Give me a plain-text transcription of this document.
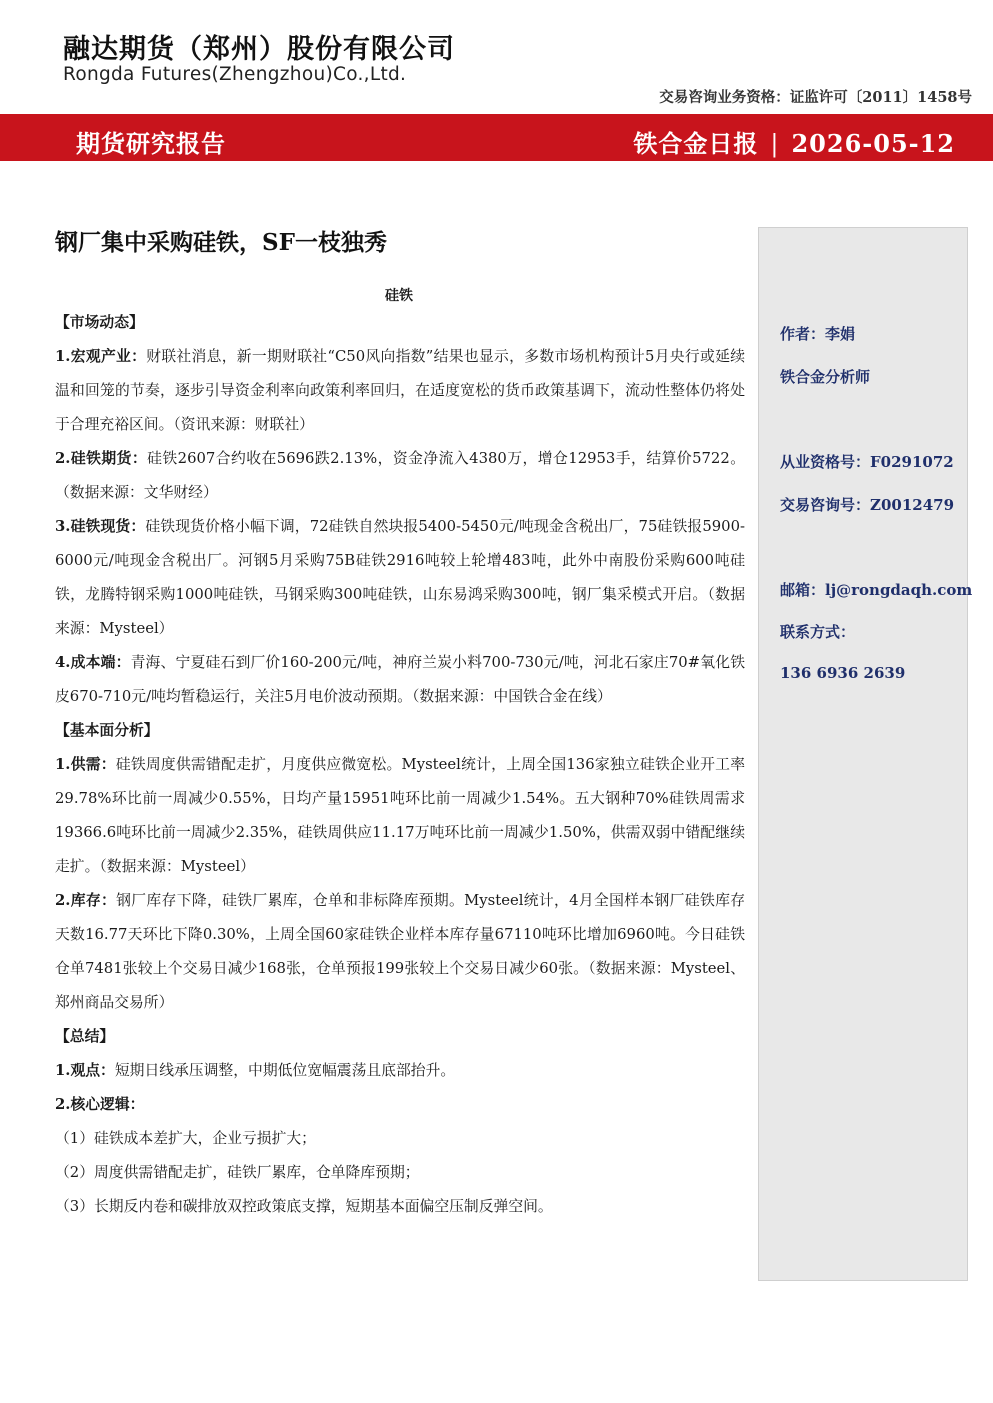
融达期货（郑州）股份有限公司
Rongda Futures(Zhengzhou)Co.,Ltd.
交易咨询业务资格：证监许可〔2011〕1458号
期货研究报告	铁合金日报 | 2026-05-12
钢厂集中采购硅铁，SF一枝独秀
硅铁

【市场动态】

1.宏观产业：财联社消息，新一期财联社“C50风向指数”结果也显示，多数市场机构预计5月央行或延续温和回笼的节奏，逐步引导资金利率向政策利率回归，在适度宽松的货币政策基调下，流动性整体仍将处于合理充裕区间。（资讯来源：财联社）

2.硅铁期货：硅铁2607合约收在5696跌2.13%，资金净流入4380万，增仓12953手，结算价5722。（数据来源：文华财经）

3.硅铁现货：硅铁现货价格小幅下调，72硅铁自然块报5400-5450元/吨现金含税出厂，75硅铁报5900-6000元/吨现金含税出厂。河钢5月采购75B硅铁2916吨较上轮增483吨，此外中南股份采购600吨硅铁，龙腾特钢采购1000吨硅铁，马钢采购300吨硅铁，山东易鸿采购300吨，钢厂集采模式开启。（数据来源：Mysteel）

4.成本端：青海、宁夏硅石到厂价160-200元/吨，神府兰炭小料700-730元/吨，河北石家庄70#氧化铁皮670-710元/吨均暂稳运行，关注5月电价波动预期。（数据来源：中国铁合金在线）

【基本面分析】

1.供需：硅铁周度供需错配走扩，月度供应微宽松。Mysteel统计，上周全国136家独立硅铁企业开工率29.78%环比前一周减少0.55%，日均产量15951吨环比前一周减少1.54%。五大钢种70%硅铁周需求19366.6吨环比前一周减少2.35%，硅铁周供应11.17万吨环比前一周减少1.50%，供需双弱中错配继续走扩。（数据来源：Mysteel）

2.库存：钢厂库存下降，硅铁厂累库，仓单和非标降库预期。Mysteel统计，4月全国样本钢厂硅铁库存天数16.77天环比下降0.30%，上周全国60家硅铁企业样本库存量67110吨环比增加6960吨。今日硅铁仓单7481张较上个交易日减少168张，仓单预报199张较上个交易日减少60张。（数据来源：Mysteel、郑州商品交易所）

【总结】

1.观点：短期日线承压调整，中期低位宽幅震荡且底部抬升。

2.核心逻辑：

（1）硅铁成本差扩大，企业亏损扩大；

（2）周度供需错配走扩，硅铁厂累库，仓单降库预期；

（3）长期反内卷和碳排放双控政策底支撑，短期基本面偏空压制反弹空间。

作者：李娟
铁合金分析师
从业资格号：F0291072
交易咨询号：Z0012479
邮箱：lj@rongdaqh.com
联系方式：
136 6936 2639
